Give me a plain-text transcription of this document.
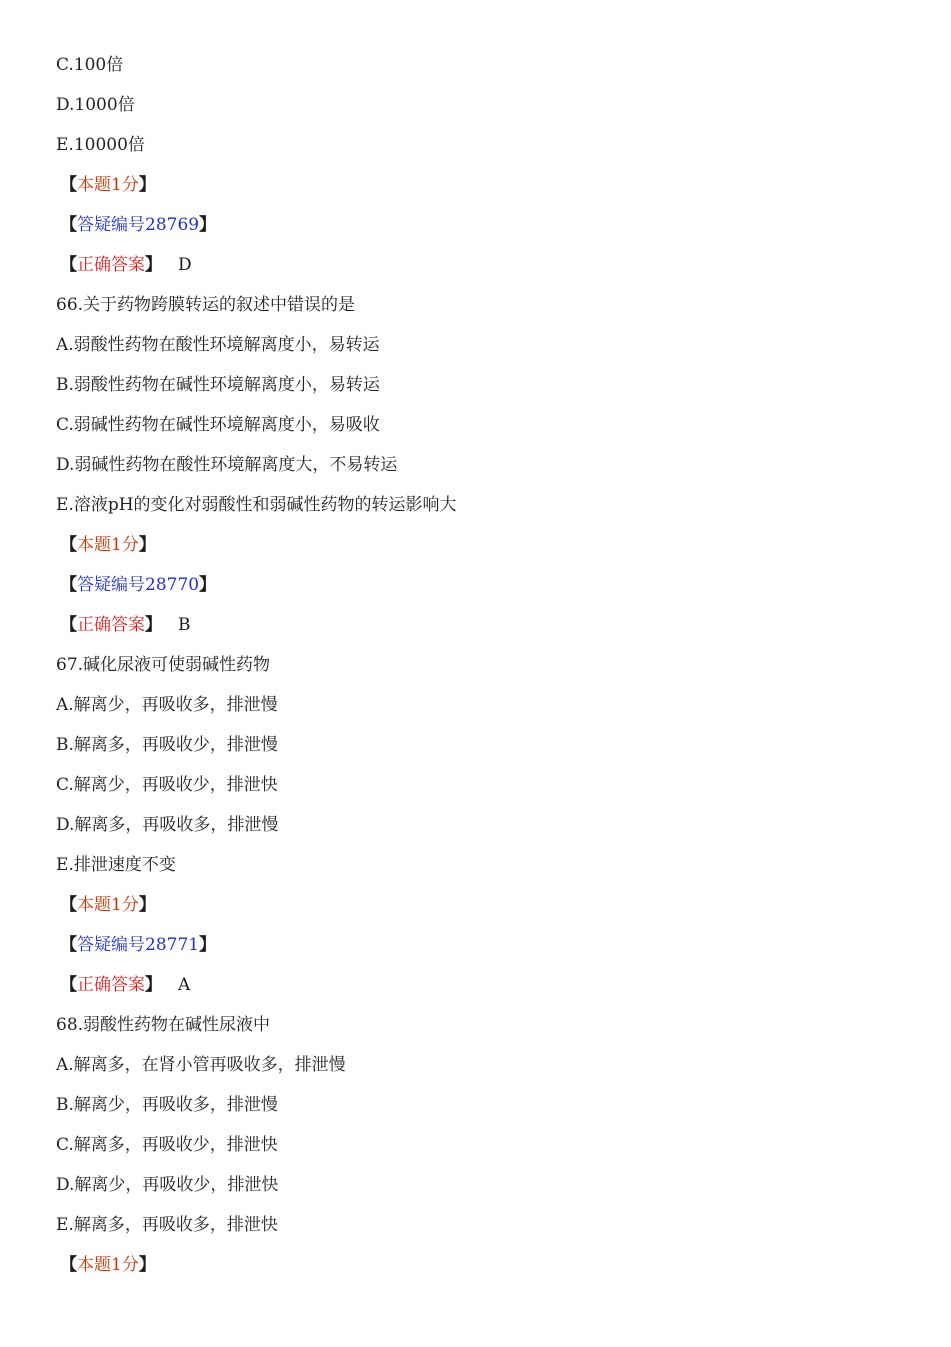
C.100倍
D.1000倍
E.10000倍
【本题1分】
【答疑编号28769】
【正确答案】 D
66.关于药物跨膜转运的叙述中错误的是
A.弱酸性药物在酸性环境解离度小，易转运
B.弱酸性药物在碱性环境解离度小，易转运
C.弱碱性药物在碱性环境解离度小，易吸收
D.弱碱性药物在酸性环境解离度大，不易转运
E.溶液pH的变化对弱酸性和弱碱性药物的转运影响大
【本题1分】
【答疑编号28770】
【正确答案】 B
67.碱化尿液可使弱碱性药物
A.解离少，再吸收多，排泄慢
B.解离多，再吸收少，排泄慢
C.解离少，再吸收少，排泄快
D.解离多，再吸收多，排泄慢
E.排泄速度不变
【本题1分】
【答疑编号28771】
【正确答案】 A
68.弱酸性药物在碱性尿液中
A.解离多，在肾小管再吸收多，排泄慢
B.解离少，再吸收多，排泄慢
C.解离多，再吸收少，排泄快
D.解离少，再吸收少，排泄快
E.解离多，再吸收多，排泄快
【本题1分】
